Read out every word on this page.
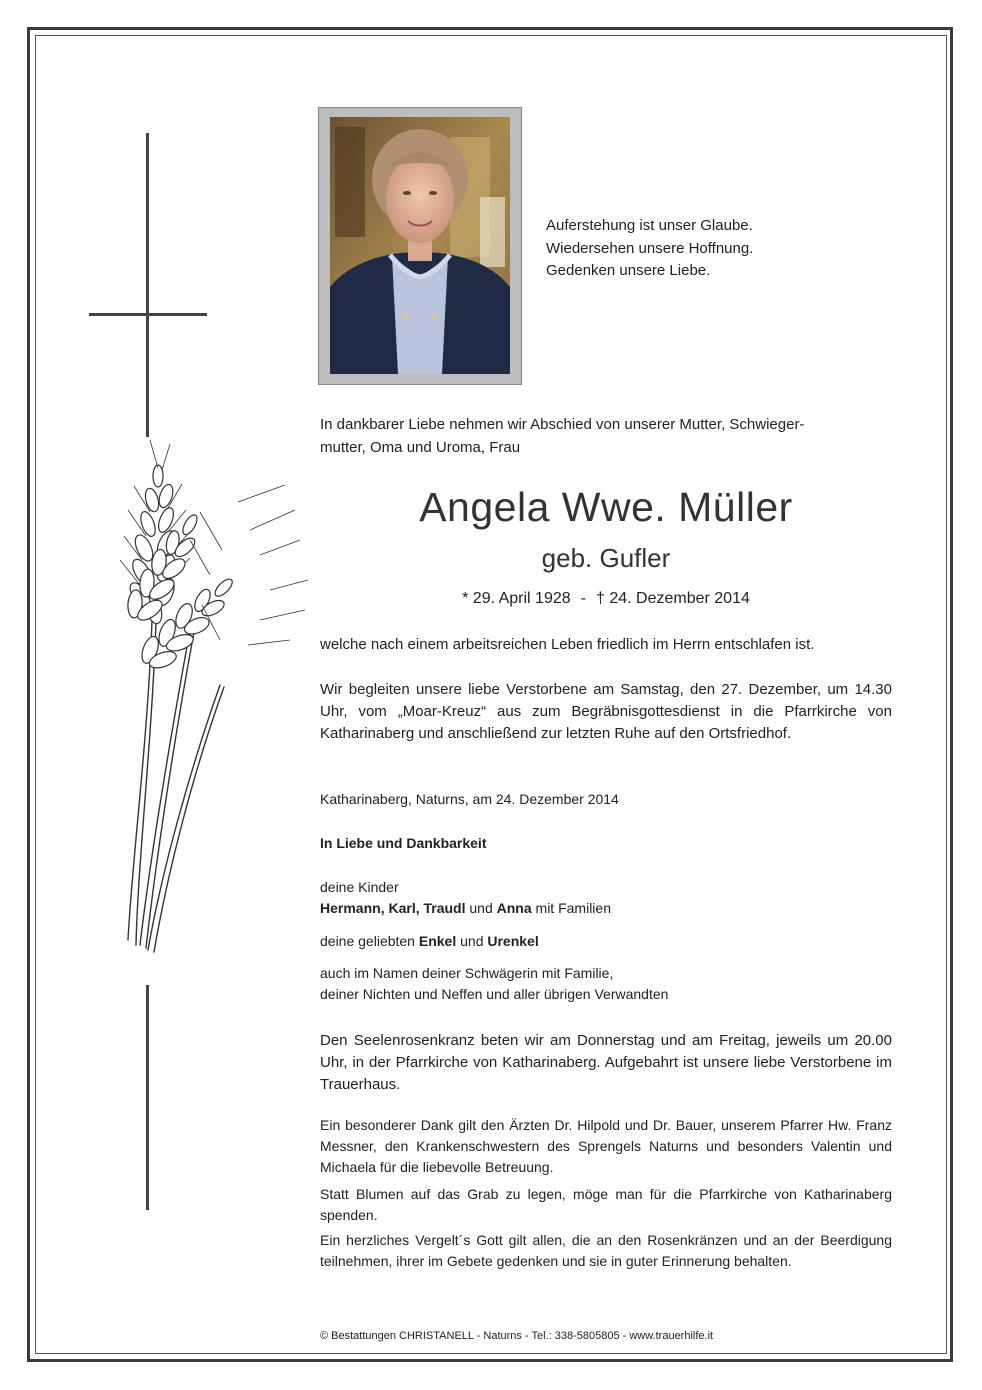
Auferstehung ist unser Glaube.
Wiedersehen unsere Hoffnung.
Gedenken unsere Liebe.
In dankbarer Liebe nehmen wir Abschied von unserer Mutter, Schwieger-
mutter, Oma und Uroma, Frau
Angela Wwe. Müller
geb. Gufler
* 29. April 1928 - † 24. Dezember 2014
welche nach einem arbeitsreichen Leben friedlich im Herrn entschlafen ist.
Wir begleiten unsere liebe Verstorbene am Samstag, den 27. Dezember, um 14.30 Uhr, vom „Moar-Kreuz“ aus zum Begräbnisgottesdienst in die Pfarrkirche von Katharinaberg und anschließend zur letzten Ruhe auf den Ortsfriedhof.
Katharinaberg, Naturns, am 24. Dezember 2014
In Liebe und Dankbarkeit
deine Kinder
Hermann, Karl, Traudl und Anna mit Familien
deine geliebten Enkel und Urenkel
auch im Namen deiner Schwägerin mit Familie,
deiner Nichten und Neffen und aller übrigen Verwandten
Den Seelenrosenkranz beten wir am Donnerstag und am Freitag, jeweils um 20.00 Uhr, in der Pfarrkirche von Katharinaberg. Aufgebahrt ist unsere liebe Verstorbene im Trauerhaus.
Ein besonderer Dank gilt den Ärzten Dr. Hilpold und Dr. Bauer, unserem Pfarrer Hw. Franz Messner, den Krankenschwestern des Sprengels Naturns und besonders Valentin und Michaela für die liebevolle Betreuung.
Statt Blumen auf das Grab zu legen, möge man für die Pfarrkirche von Katharinaberg spenden.
Ein herzliches Vergelt´s Gott gilt allen, die an den Rosenkränzen und an der Beerdigung teilnehmen, ihrer im Gebete gedenken und sie in guter Erinnerung behalten.
© Bestattungen CHRISTANELL - Naturns - Tel.: 338-5805805 - www.trauerhilfe.it
